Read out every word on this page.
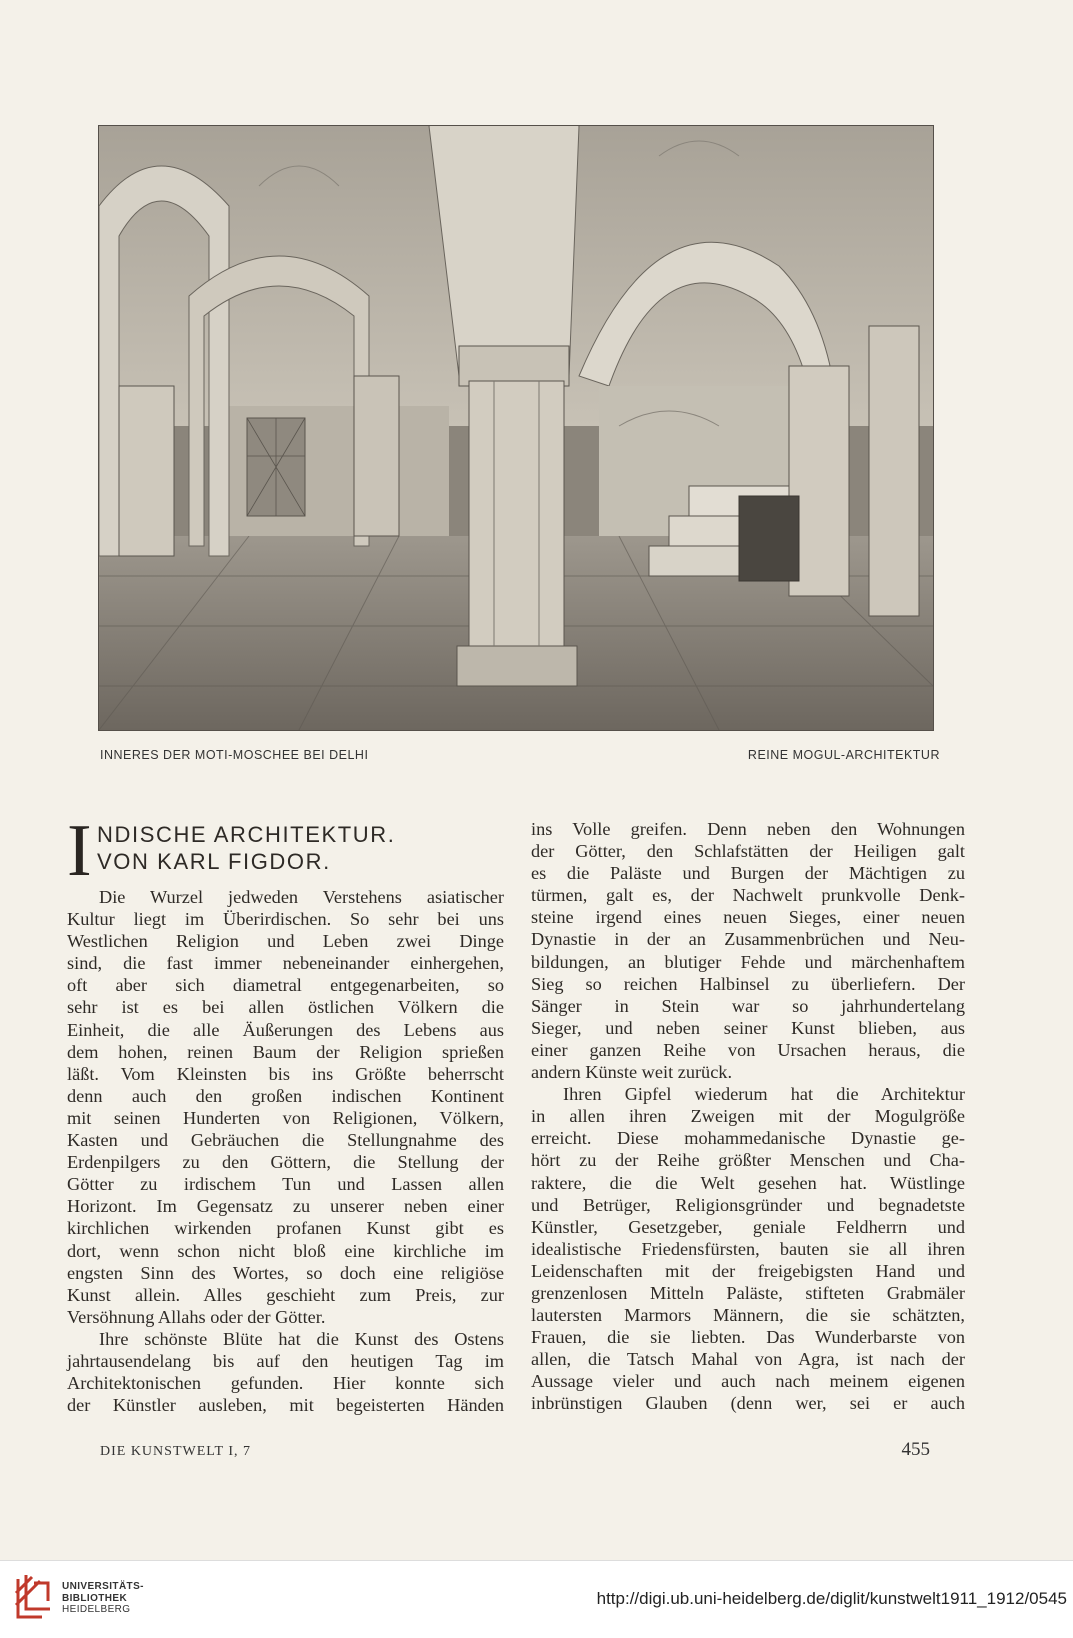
INNERES DER MOTI-MOSCHEE BEI DELHI	REINE MOGUL-ARCHITEKTUR
I NDISCHE ARCHITEKTUR.
VON KARL FIGDOR.
Die Wurzel jedweden Verstehens asiatischer
Kultur liegt im Überirdischen. So sehr bei uns
Westlichen Religion und Leben zwei Dinge
sind, die fast immer nebeneinander einhergehen,
oft aber sich diametral entgegenarbeiten, so
sehr ist es bei allen östlichen Völkern die
Einheit, die alle Äußerungen des Lebens aus
dem hohen, reinen Baum der Religion sprießen
läßt. Vom Kleinsten bis ins Größte beherrscht
denn auch den großen indischen Kontinent
mit seinen Hunderten von Religionen, Völkern,
Kasten und Gebräuchen die Stellungnahme des
Erdenpilgers zu den Göttern, die Stellung der
Götter zu irdischem Tun und Lassen allen
Horizont. Im Gegensatz zu unserer neben einer
kirchlichen wirkenden profanen Kunst gibt es
dort, wenn schon nicht bloß eine kirchliche im
engsten Sinn des Wortes, so doch eine religiöse
Kunst allein. Alles geschieht zum Preis, zur
Versöhnung Allahs oder der Götter.
Ihre schönste Blüte hat die Kunst des Ostens
jahrtausendelang bis auf den heutigen Tag im
Architektonischen gefunden. Hier konnte sich
der Künstler ausleben, mit begeisterten Händen
ins Volle greifen. Denn neben den Wohnungen
der Götter, den Schlafstätten der Heiligen galt
es die Paläste und Burgen der Mächtigen zu
türmen, galt es, der Nachwelt prunkvolle Denk-
steine irgend eines neuen Sieges, einer neuen
Dynastie in der an Zusammenbrüchen und Neu-
bildungen, an blutiger Fehde und märchenhaftem
Sieg so reichen Halbinsel zu überliefern. Der
Sänger in Stein war so jahrhundertelang
Sieger, und neben seiner Kunst blieben, aus
einer ganzen Reihe von Ursachen heraus, die
andern Künste weit zurück.
Ihren Gipfel wiederum hat die Architektur
in allen ihren Zweigen mit der Mogulgröße
erreicht. Diese mohammedanische Dynastie ge-
hört zu der Reihe größter Menschen und Cha-
raktere, die die Welt gesehen hat. Wüstlinge
und Betrüger, Religionsgründer und begnadetste
Künstler, Gesetzgeber, geniale Feldherrn und
idealistische Friedensfürsten, bauten sie all ihren
Leidenschaften mit der freigebigsten Hand und
grenzenlosen Mitteln Paläste, stifteten Grabmäler
lautersten Marmors Männern, die sie schätzten,
Frauen, die sie liebten. Das Wunderbarste von
allen, die Tatsch Mahal von Agra, ist nach der
Aussage vieler und auch nach meinem eigenen
inbrünstigen Glauben (denn wer, sei er auch
DIE KUNSTWELT I, 7	455
UNIVERSITÄTS-
BIBLIOTHEK
HEIDELBERG
http://digi.ub.uni-heidelberg.de/diglit/kunstwelt1911_1912/0545
